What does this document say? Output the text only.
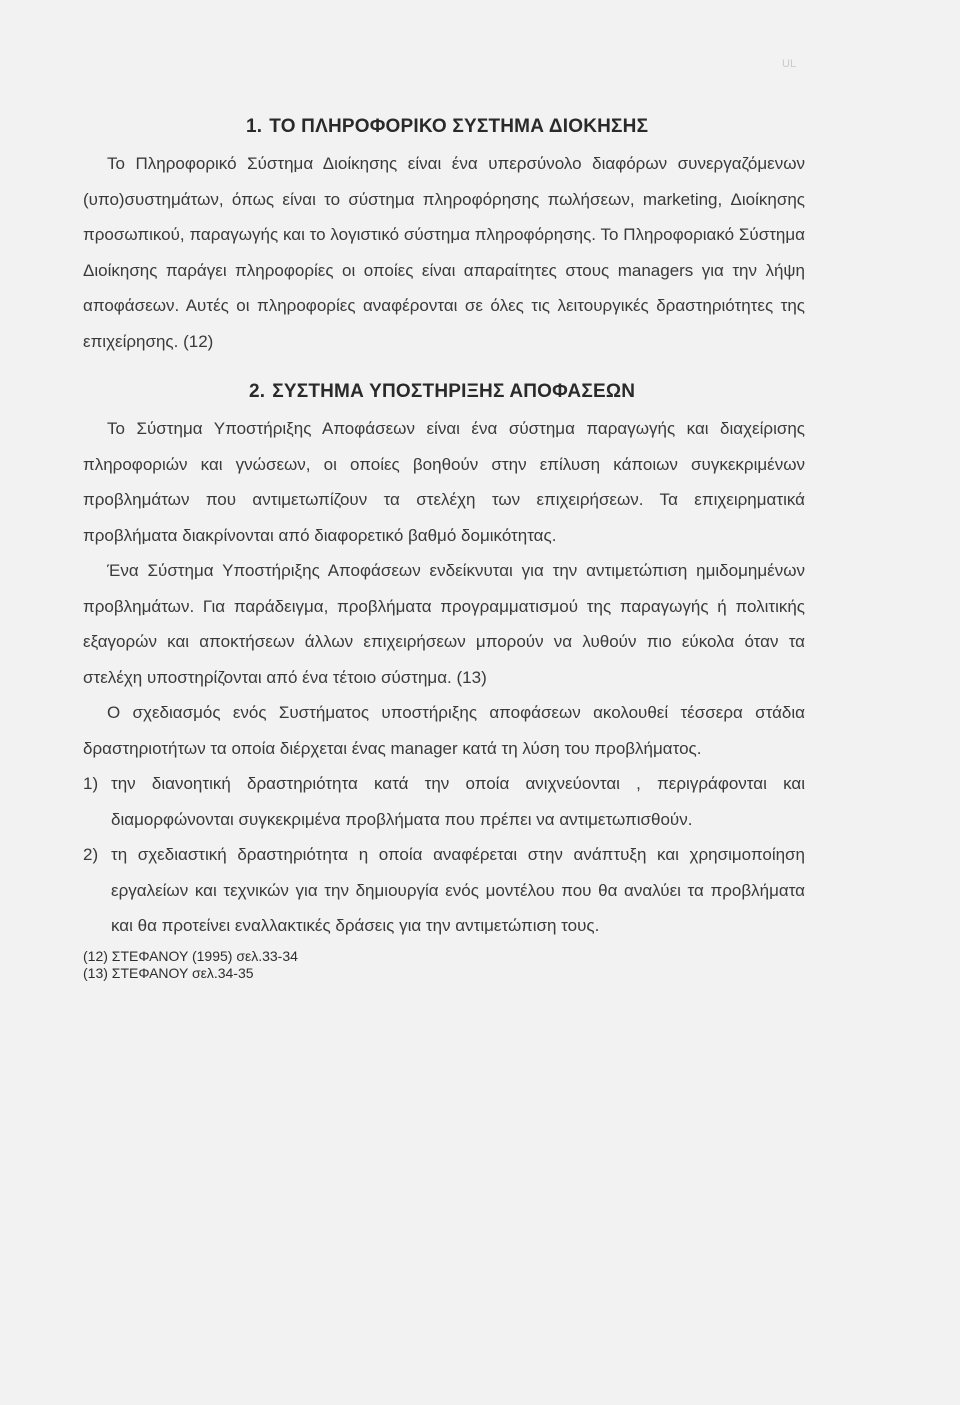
UL
1. ΤΟ ΠΛΗΡΟΦΟΡΙΚΟ ΣΥΣΤΗΜΑ ΔΙΟΚΗΣΗΣ

Το Πληροφορικό Σύστημα Διοίκησης είναι ένα υπερσύνολο διαφόρων συνεργαζόμενων (υπο)συστημάτων, όπως είναι το σύστημα πληροφόρησης πωλήσεων, marketing, Διοίκησης προσωπικού, παραγωγής και το λογιστικό σύστημα πληροφόρησης. Το Πληροφοριακό Σύστημα Διοίκησης παράγει πληροφορίες οι οποίες είναι απαραίτητες στους managers για την λήψη αποφάσεων. Αυτές οι πληροφορίες αναφέρονται σε όλες τις λειτουργικές δραστηριότητες της επιχείρησης. (12)

2. ΣΥΣΤΗΜΑ ΥΠΟΣΤΗΡΙΞΗΣ ΑΠΟΦΑΣΕΩΝ

Το Σύστημα Υποστήριξης Αποφάσεων είναι ένα σύστημα παραγωγής και διαχείρισης πληροφοριών και γνώσεων, οι οποίες βοηθούν στην επίλυση κάποιων συγκεκριμένων προβλημάτων που αντιμετωπίζουν τα στελέχη των επιχειρήσεων. Τα επιχειρηματικά προβλήματα διακρίνονται από διαφορετικό βαθμό δομικότητας.

Ένα Σύστημα Υποστήριξης Αποφάσεων ενδείκνυται για την αντιμετώπιση ημιδομημένων προβλημάτων. Για παράδειγμα, προβλήματα προγραμματισμού της παραγωγής ή πολιτικής εξαγορών και αποκτήσεων άλλων επιχειρήσεων μπορούν να λυθούν πιο εύκολα όταν τα στελέχη υποστηρίζονται από ένα τέτοιο σύστημα. (13)

Ο σχεδιασμός ενός Συστήματος υποστήριξης αποφάσεων ακολουθεί τέσσερα στάδια δραστηριοτήτων τα οποία διέρχεται ένας manager κατά τη λύση του προβλήματος.

1) την διανοητική δραστηριότητα κατά την οποία ανιχνεύονται , περιγράφονται και διαμορφώνονται συγκεκριμένα προβλήματα που πρέπει να αντιμετωπισθούν.
2) τη σχεδιαστική δραστηριότητα η οποία αναφέρεται στην ανάπτυξη και χρησιμοποίηση εργαλείων και τεχνικών για την δημιουργία ενός μοντέλου που θα αναλύει τα προβλήματα και θα προτείνει εναλλακτικές δράσεις για την αντιμετώπιση τους.

(12) ΣΤΕΦΑΝΟΥ (1995) σελ.33-34

(13) ΣΤΕΦΑΝΟΥ σελ.34-35
